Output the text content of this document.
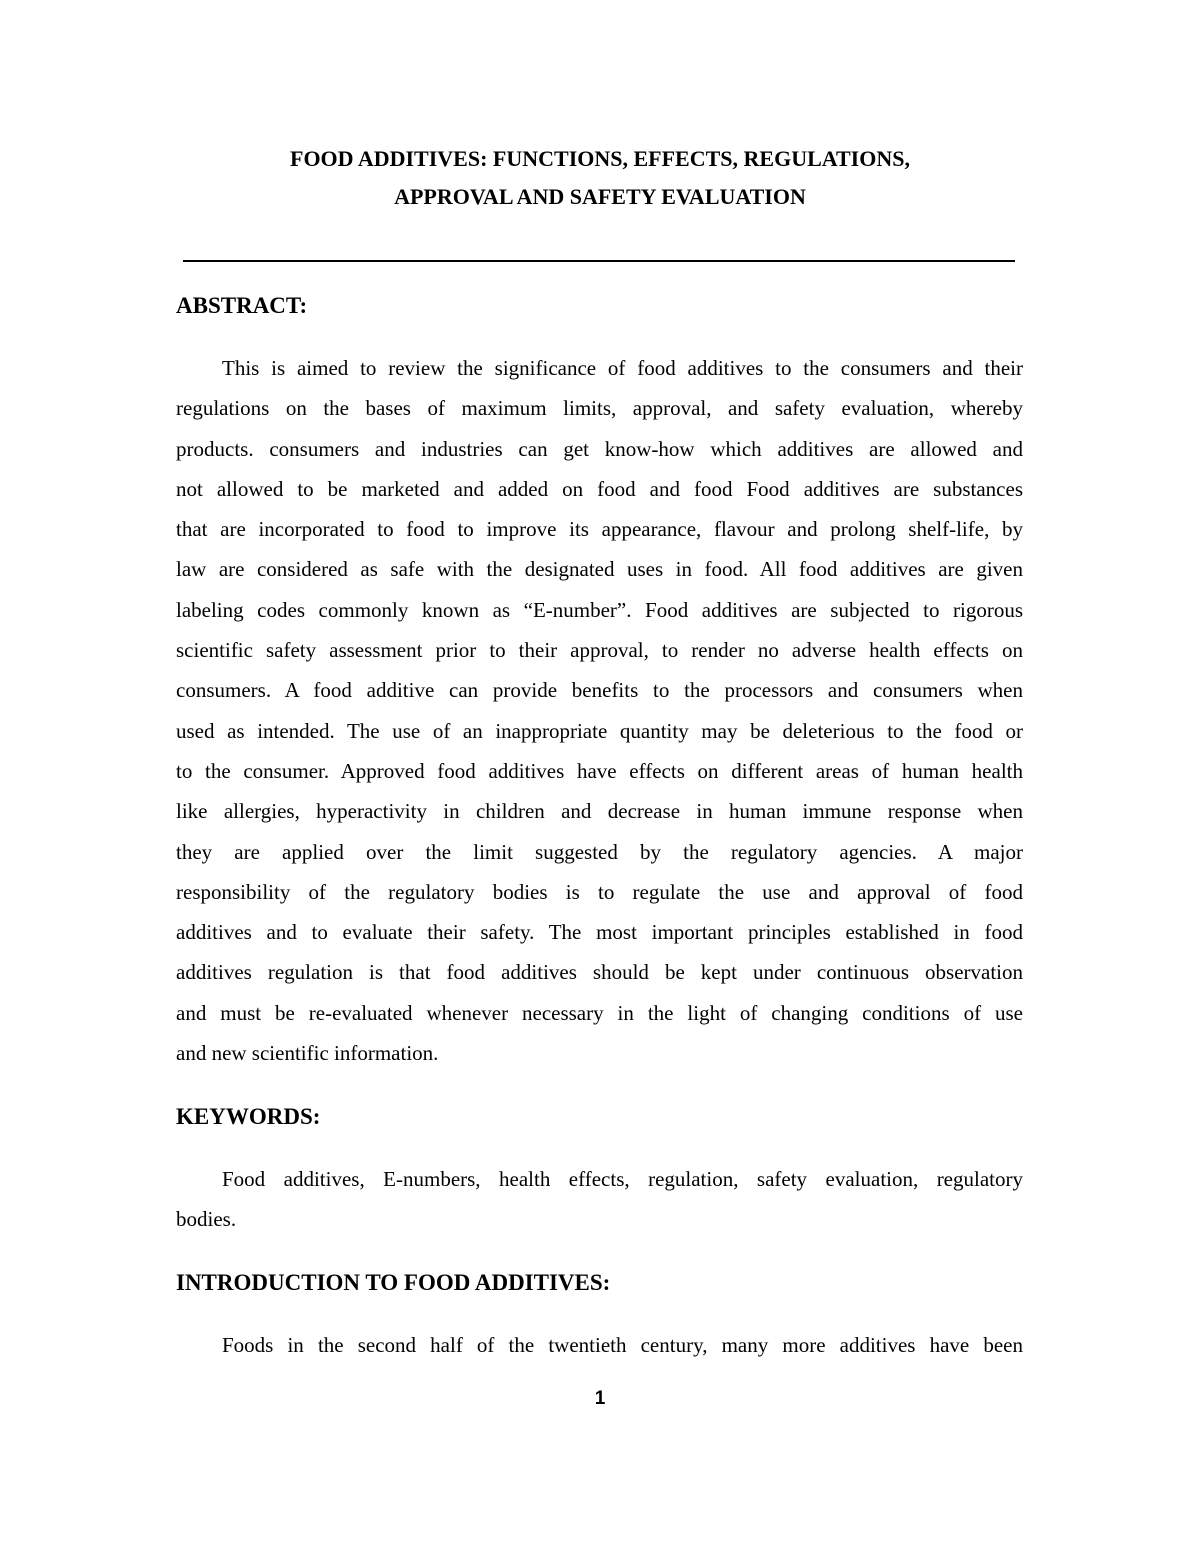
FOOD ADDITIVES: FUNCTIONS, EFFECTS, REGULATIONS,
APPROVAL AND SAFETY EVALUATION
ABSTRACT:
This is aimed to review the significance of food additives to the consumers and their
regulations on the bases of maximum limits, approval, and safety evaluation, whereby
products. consumers and industries can get know-how which additives are allowed and
not allowed to be marketed and added on food and food Food additives are substances
that are incorporated to food to improve its appearance, flavour and prolong shelf-life, by
law are considered as safe with the designated uses in food. All food additives are given
labeling codes commonly known as “E-number”. Food additives are subjected to rigorous
scientific safety assessment prior to their approval, to render no adverse health effects on
consumers. A food additive can provide benefits to the processors and consumers when
used as intended. The use of an inappropriate quantity may be deleterious to the food or
to the consumer. Approved food additives have effects on different areas of human health
like allergies, hyperactivity in children and decrease in human immune response when
they are applied over the limit suggested by the regulatory agencies. A major
responsibility of the regulatory bodies is to regulate the use and approval of food
additives and to evaluate their safety. The most important principles established in food
additives regulation is that food additives should be kept under continuous observation
and must be re-evaluated whenever necessary in the light of changing conditions of use
and new scientific information.
KEYWORDS:
Food additives, E-numbers, health effects, regulation, safety evaluation, regulatory
bodies.
INTRODUCTION TO FOOD ADDITIVES:
Foods in the second half of the twentieth century, many more additives have been
1
